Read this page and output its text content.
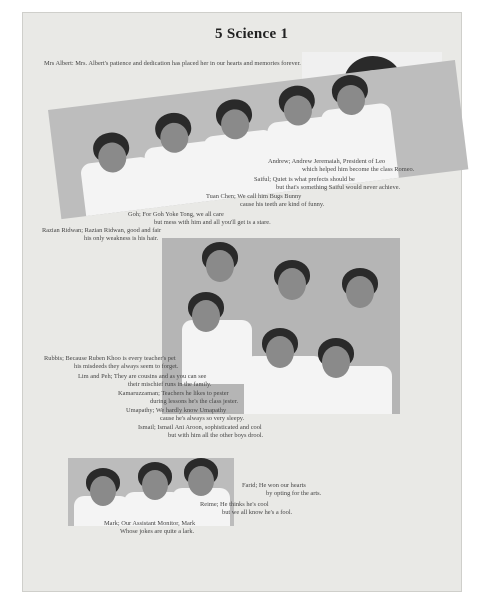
5 Science 1
Mrs Albert: Mrs. Albert's patience and dedication has placed her in our hearts and memories forever.
Andrew; Andrew Jeremaiah, President of Leo
which helped him become the class Romeo.
Saiful; Quiet is what prefects should be
but that's something Saiful would never achieve.
Tuan Chen; We call him Bugs Bunny
cause his teeth are kind of funny.
Goh; For Goh Yoke Tong, we all care
but mess with him and all you'll get is a stare.
Razian Ridwan; Razian Ridwan, good and fair
his only weakness is his hair.
Rubbis; Because Ruben Khoo is every teacher's pet
his misdeeds they always seem to forget.
Lim and Peh; They are cousins and as you can see
their mischief runs in the family.
Kamaruzzaman; Teachers he likes to pester
during lessons he's the class jester.
Umapathy; We hardly know Umapathy
cause he's always so very sleepy.
Ismail; Ismail Ani Aroon, sophisticated and cool
but with him all the other boys drool.
Farid; He won our hearts
by opting for the arts.
Reime; He thinks he's cool
but we all know he's a fool.
Mark; Our Assistant Monitor, Mark
Whose jokes are quite a lark.
